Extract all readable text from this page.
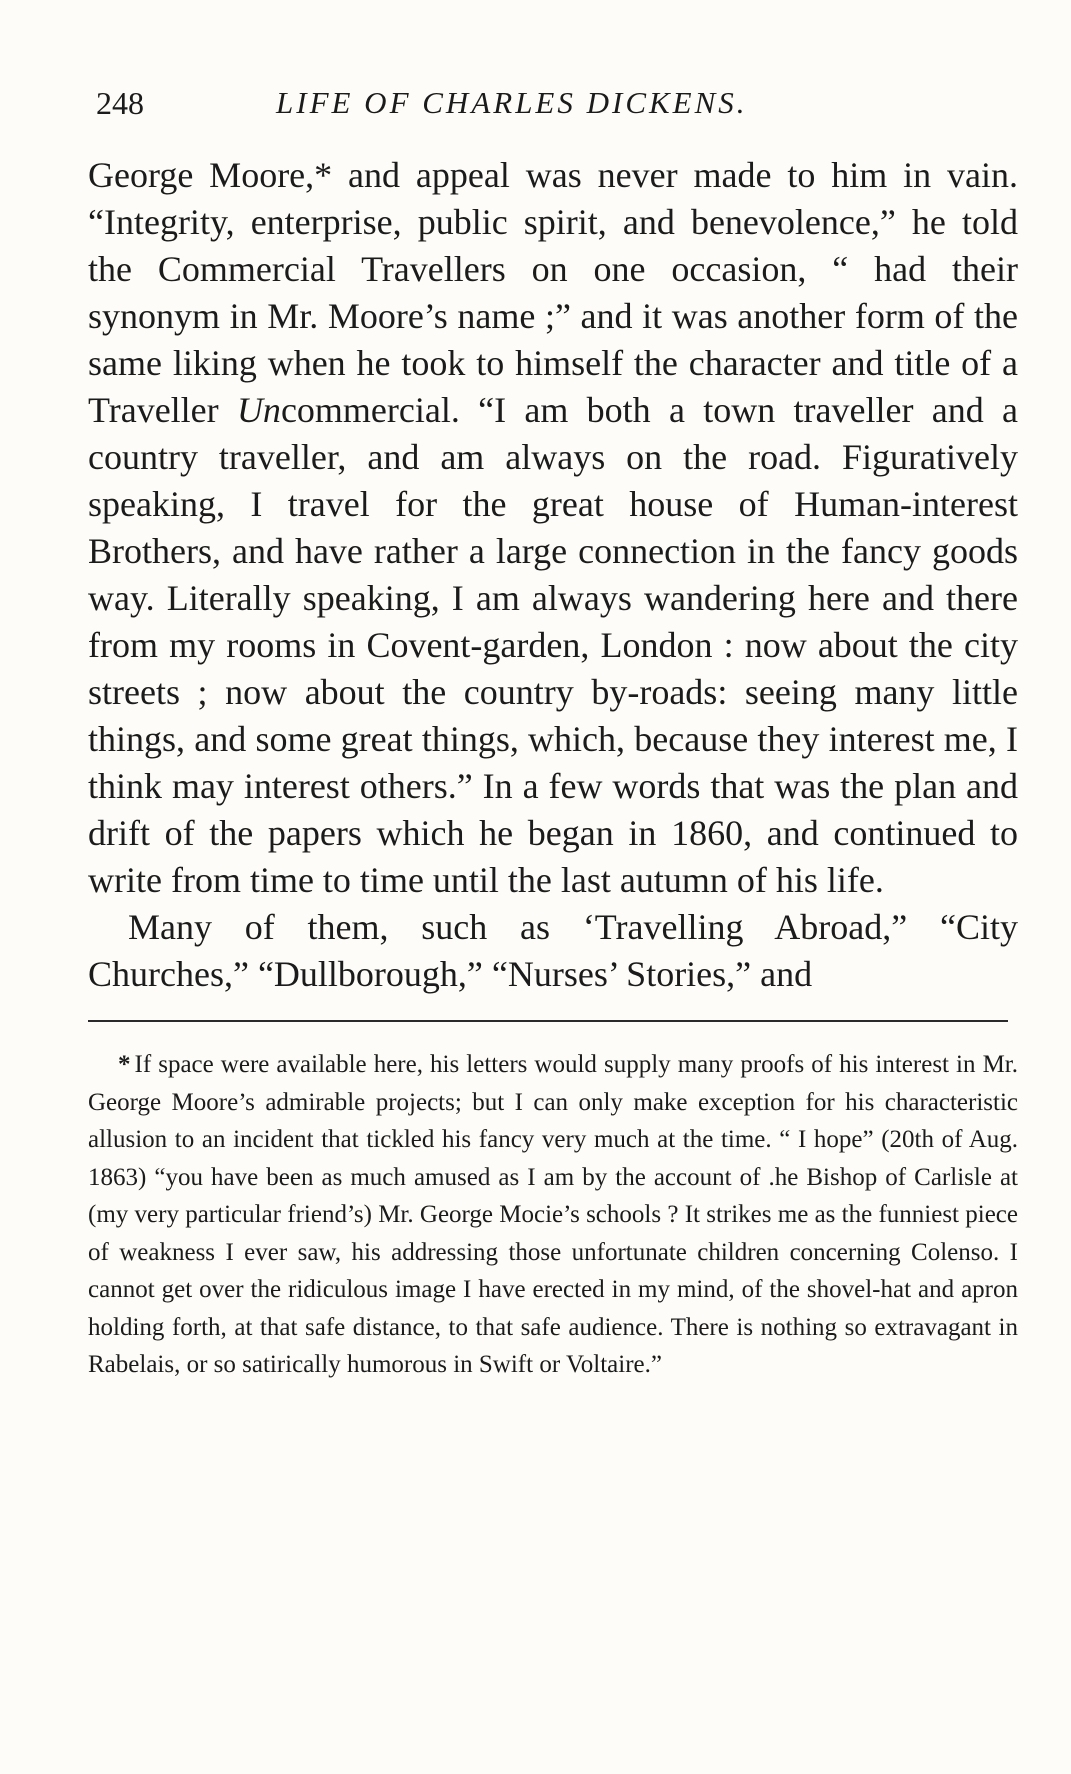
248	LIFE OF CHARLES DICKENS.

George Moore,* and appeal was never made to him in vain. “Integrity, enterprise, public spirit, and benevolence,” he told the Commercial Travellers on one occasion, “ had their synonym in Mr. Moore’s name ;” and it was another form of the same liking when he took to himself the character and title of a Traveller Uncommercial. “I am both a town traveller and a country traveller, and am always on the road. Figuratively speaking, I travel for the great house of Human-interest Brothers, and have rather a large connection in the fancy goods way. Literally speaking, I am always wandering here and there from my rooms in Covent-garden, London : now about the city streets ; now about the country by-roads: seeing many little things, and some great things, which, because they interest me, I think may interest others.” In a few words that was the plan and drift of the papers which he began in 1860, and continued to write from time to time until the last autumn of his life.

Many of them, such as ‘Travelling Abroad,” “City Churches,” “Dullborough,” “Nurses’ Stories,” and

* If space were available here, his letters would supply many proofs of his interest in Mr. George Moore’s admirable projects; but I can only make exception for his characteristic allusion to an incident that tickled his fancy very much at the time. “ I hope” (20th of Aug. 1863) “you have been as much amused as I am by the account of .he Bishop of Carlisle at (my very particular friend’s) Mr. George Mocie’s schools ? It strikes me as the funniest piece of weakness I ever saw, his addressing those unfortunate children concerning Colenso. I cannot get over the ridiculous image I have erected in my mind, of the shovel-hat and apron holding forth, at that safe distance, to that safe audience. There is nothing so extravagant in Rabelais, or so satirically humorous in Swift or Voltaire.”
